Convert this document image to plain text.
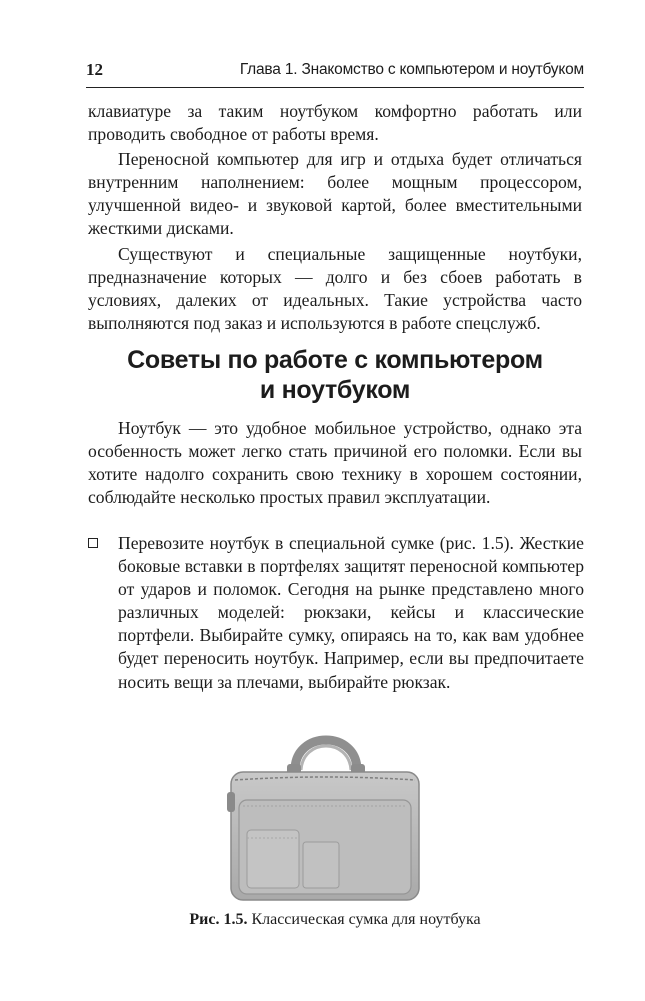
12	Глава 1. Знакомство с компьютером и ноутбуком

клавиатуре за таким ноутбуком комфортно работать или проводить свободное от работы время.

Переносной компьютер для игр и отдыха будет отличаться внутренним наполнением: более мощным процессором, улучшенной видео- и звуковой картой, более вместительными жесткими дисками.

Существуют и специальные защищенные ноутбуки, предназначение которых — долго и без сбоев работать в условиях, далеких от идеальных. Такие устройства часто выполняются под заказ и используются в работе спецслужб.

Советы по работе с компьютером
и ноутбуком

Ноутбук — это удобное мобильное устройство, однако эта особенность может легко стать причиной его поломки. Если вы хотите надолго сохранить свою технику в хорошем состоянии, соблюдайте несколько простых правил эксплуатации.

Перевозите ноутбук в специальной сумке (рис. 1.5). Жесткие боковые вставки в портфелях защитят переносной компьютер от ударов и поломок. Сегодня на рынке представлено много различных моделей: рюкзаки, кейсы и классические портфели. Выбирайте сумку, опираясь на то, как вам удобнее будет переносить ноутбук. Например, если вы предпочитаете носить вещи за плечами, выбирайте рюкзак.

Рис. 1.5. Классическая сумка для ноутбука
